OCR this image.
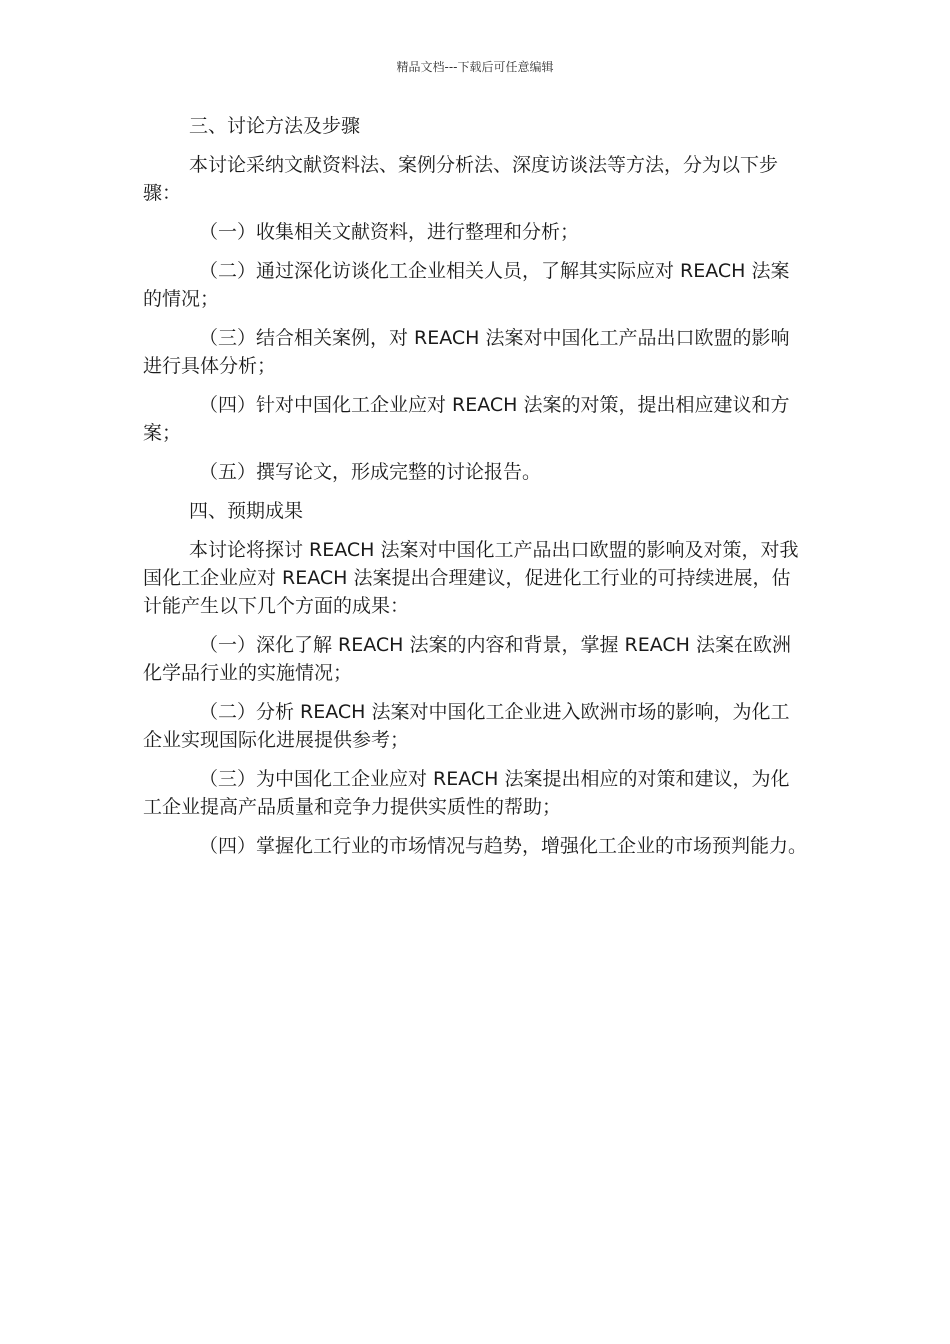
精品文档---下载后可任意编辑

三、讨论方法及步骤

本讨论采纳文献资料法、案例分析法、深度访谈法等方法，分为以下步骤：

（一）收集相关文献资料，进行整理和分析；

（二）通过深化访谈化工企业相关人员，了解其实际应对 REACH 法案的情况；

（三）结合相关案例，对 REACH 法案对中国化工产品出口欧盟的影响进行具体分析；

（四）针对中国化工企业应对 REACH 法案的对策，提出相应建议和方案；

（五）撰写论文，形成完整的讨论报告。

四、预期成果

本讨论将探讨 REACH 法案对中国化工产品出口欧盟的影响及对策，对我国化工企业应对 REACH 法案提出合理建议，促进化工行业的可持续进展，估计能产生以下几个方面的成果：

（一）深化了解 REACH 法案的内容和背景，掌握 REACH 法案在欧洲化学品行业的实施情况；

（二）分析 REACH 法案对中国化工企业进入欧洲市场的影响，为化工企业实现国际化进展提供参考；

（三）为中国化工企业应对 REACH 法案提出相应的对策和建议，为化工企业提高产品质量和竞争力提供实质性的帮助；

（四）掌握化工行业的市场情况与趋势，增强化工企业的市场预判能力。
